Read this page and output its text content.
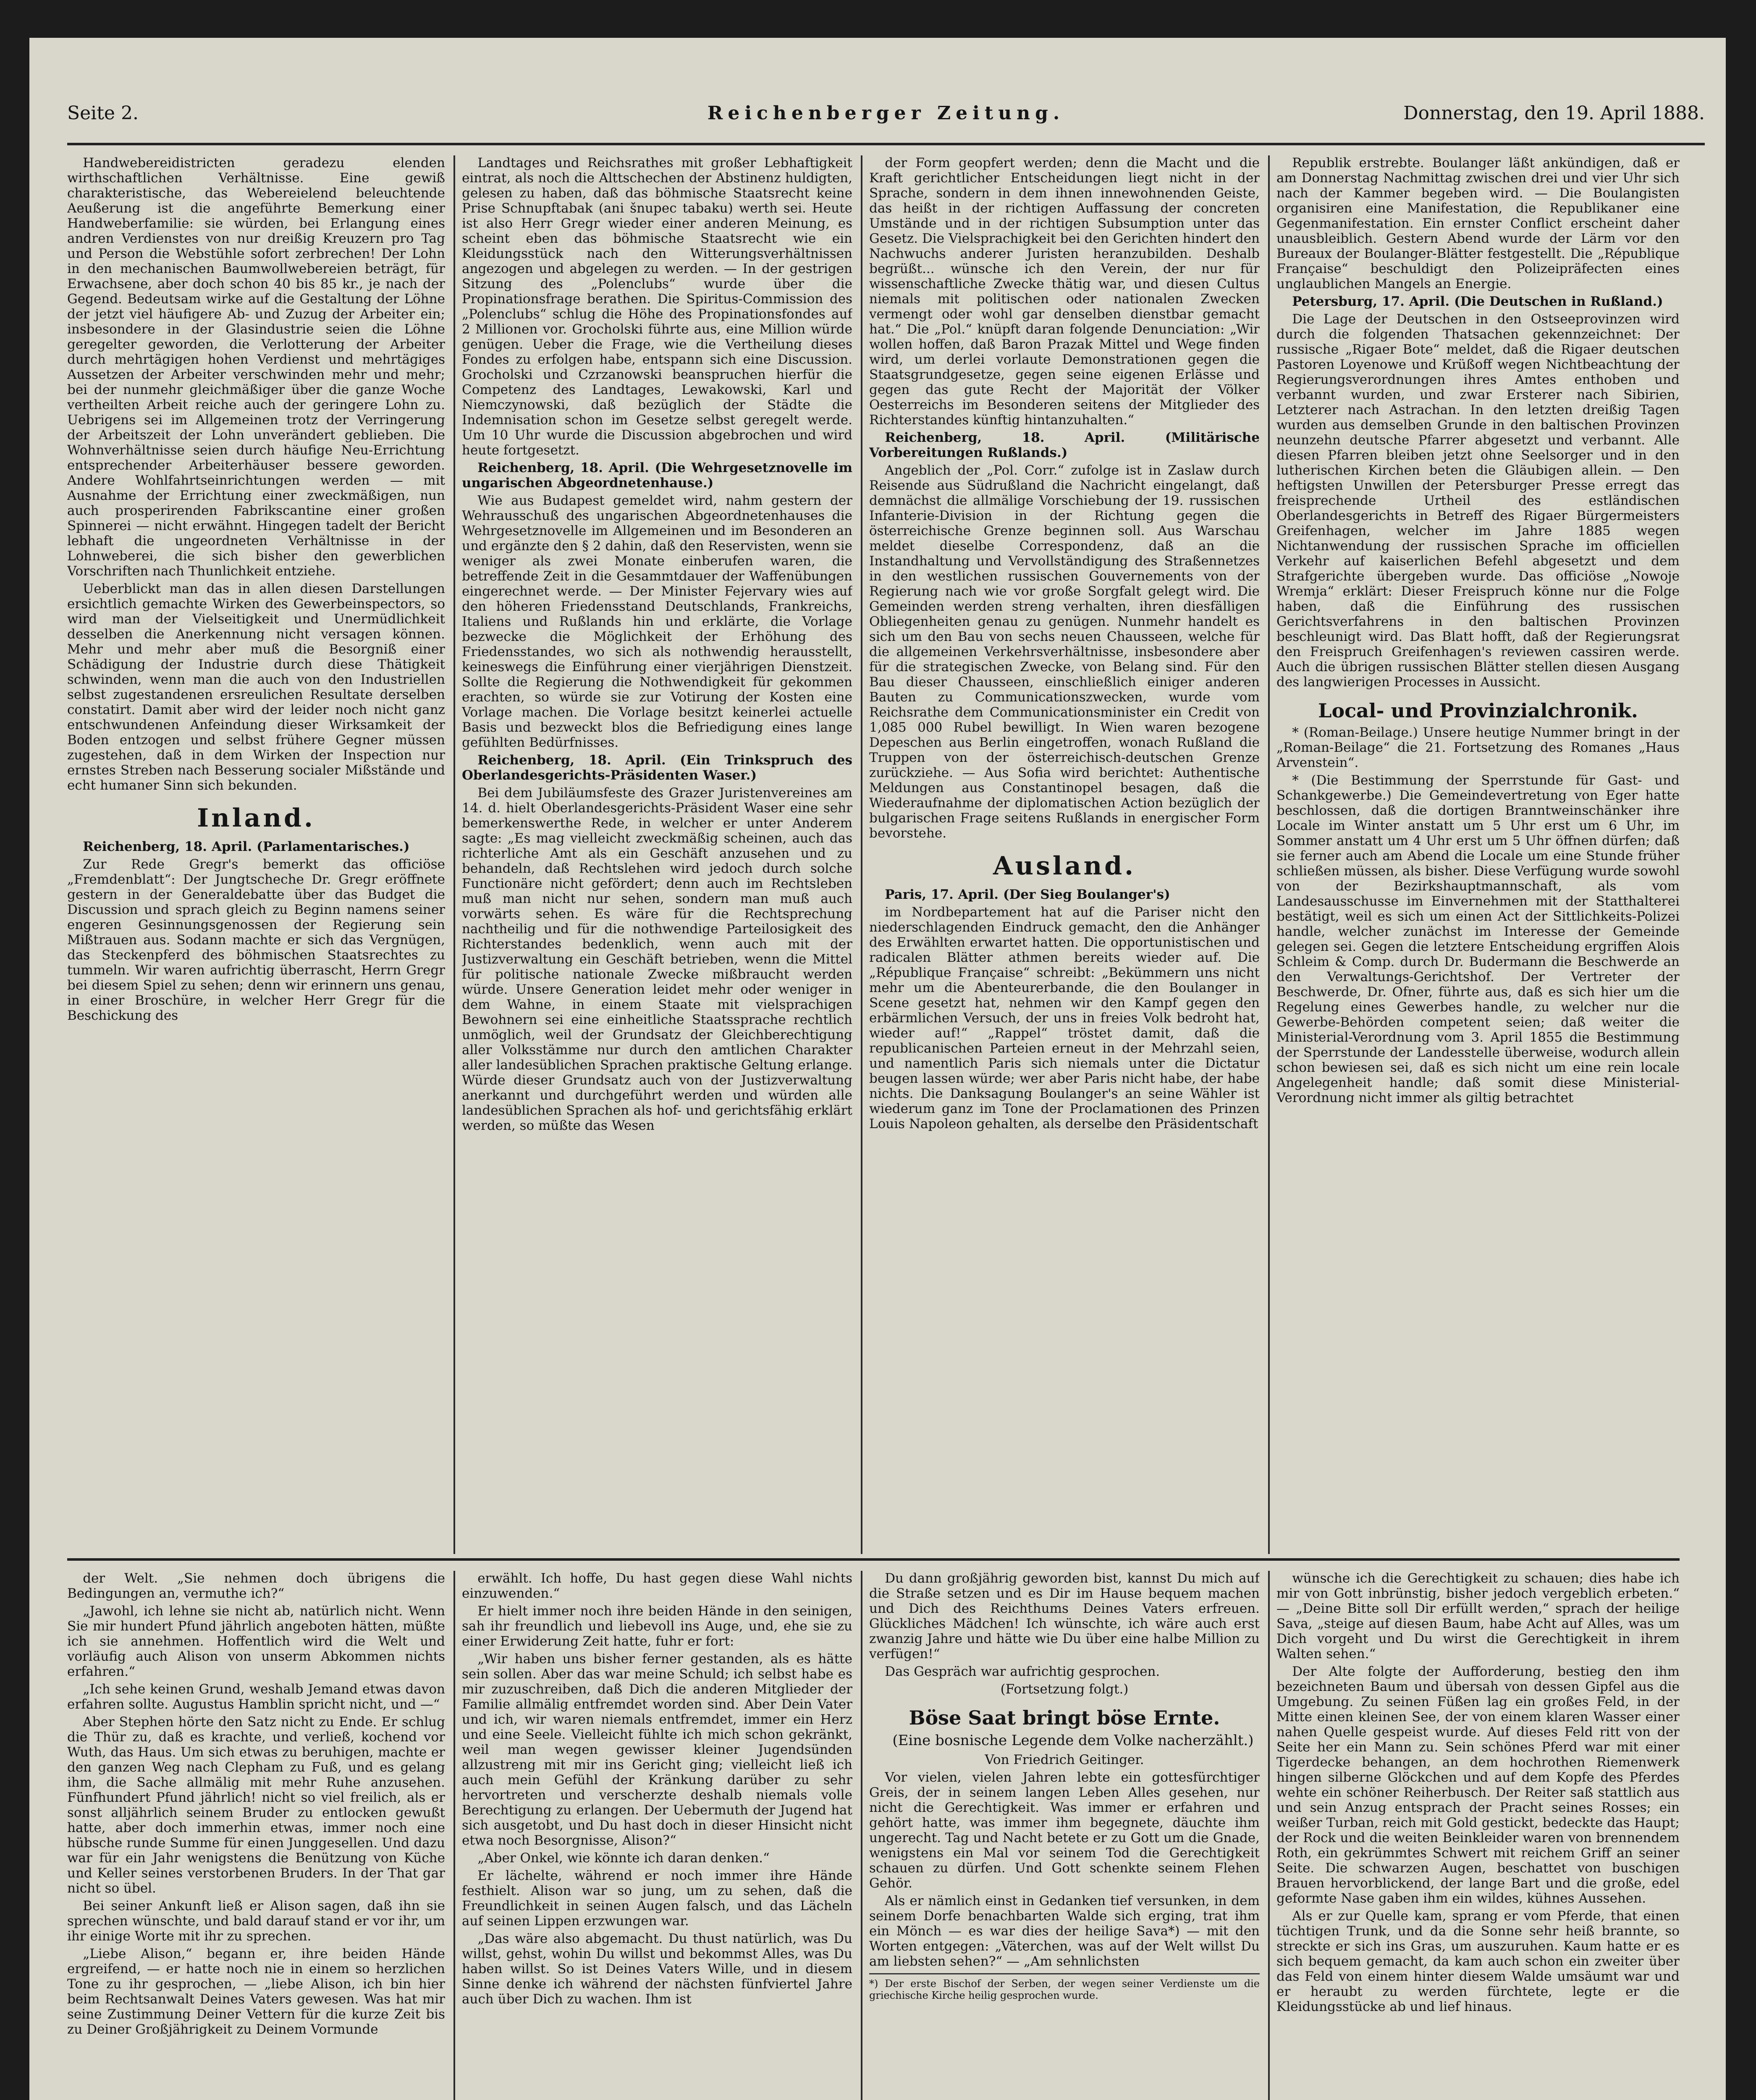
Seite 2.	Reichenberger Zeitung.	Donnerstag, den 19. April 1888.

Handwebereidistricten geradezu elenden wirthschaftlichen Verhältnisse. Eine gewiß charakteristische, das Webereielend beleuchtende Aeußerung ist die angeführte Bemerkung einer Handweberfamilie: sie würden, bei Erlangung eines andren Verdienstes von nur dreißig Kreuzern pro Tag und Person die Webstühle sofort zerbrechen! Der Lohn in den mechanischen Baumwollwebereien beträgt, für Erwachsene, aber doch schon 40 bis 85 kr., je nach der Gegend. Bedeutsam wirke auf die Gestaltung der Löhne der jetzt viel häufigere Ab- und Zuzug der Arbeiter ein; insbesondere in der Glasindustrie seien die Löhne geregelter geworden, die Verlotterung der Arbeiter durch mehrtägigen hohen Verdienst und mehrtägiges Aussetzen der Arbeiter verschwinden mehr und mehr; bei der nunmehr gleichmäßiger über die ganze Woche vertheilten Arbeit reiche auch der geringere Lohn zu. Uebrigens sei im Allgemeinen trotz der Verringerung der Arbeitszeit der Lohn unverändert geblieben. Die Wohnverhältnisse seien durch häufige Neu-Errichtung entsprechender Arbeiterhäuser bessere geworden. Andere Wohlfahrtseinrichtungen werden — mit Ausnahme der Errichtung einer zweckmäßigen, nun auch prosperirenden Fabrikscantine einer großen Spinnerei — nicht erwähnt. Hingegen tadelt der Bericht lebhaft die ungeordneten Verhältnisse in der Lohnweberei, die sich bisher den gewerblichen Vorschriften nach Thunlichkeit entziehe.

Ueberblickt man das in allen diesen Darstellungen ersichtlich gemachte Wirken des Gewerbeinspectors, so wird man der Vielseitigkeit und Unermüdlichkeit desselben die Anerkennung nicht versagen können. Mehr und mehr aber muß die Besorgniß einer Schädigung der Industrie durch diese Thätigkeit schwinden, wenn man die auch von den Industriellen selbst zugestandenen ersreulichen Resultate derselben constatirt. Damit aber wird der leider noch nicht ganz entschwundenen Anfeindung dieser Wirksamkeit der Boden entzogen und selbst frühere Gegner müssen zugestehen, daß in dem Wirken der Inspection nur ernstes Streben nach Besserung socialer Mißstände und echt humaner Sinn sich bekunden.

Inland.

Reichenberg, 18. April. (Parlamentarisches.)

Zur Rede Gregr's bemerkt das officiöse „Fremdenblatt“: Der Jungtscheche Dr. Gregr eröffnete gestern in der Generaldebatte über das Budget die Discussion und sprach gleich zu Beginn namens seiner engeren Gesinnungsgenossen der Regierung sein Mißtrauen aus. Sodann machte er sich das Vergnügen, das Steckenpferd des böhmischen Staatsrechtes zu tummeln. Wir waren aufrichtig überrascht, Herrn Gregr bei diesem Spiel zu sehen; denn wir erinnern uns genau, in einer Broschüre, in welcher Herr Gregr für die Beschickung des

Landtages und Reichsrathes mit großer Lebhaftigkeit eintrat, als noch die Alttschechen der Abstinenz huldigten, gelesen zu haben, daß das böhmische Staatsrecht keine Prise Schnupftabak (ani šnupec tabaku) werth sei. Heute ist also Herr Gregr wieder einer anderen Meinung, es scheint eben das böhmische Staatsrecht wie ein Kleidungsstück nach den Witterungsverhältnissen angezogen und abgelegen zu werden. — In der gestrigen Sitzung des „Polenclubs“ wurde über die Propinationsfrage berathen. Die Spiritus-Commission des „Polenclubs“ schlug die Höhe des Propinationsfondes auf 2 Millionen vor. Grocholski führte aus, eine Million würde genügen. Ueber die Frage, wie die Vertheilung dieses Fondes zu erfolgen habe, entspann sich eine Discussion. Grocholski und Czrzanowski beanspruchen hierfür die Competenz des Landtages, Lewakowski, Karl und Niemczynowski, daß bezüglich der Städte die Indemnisation schon im Gesetze selbst geregelt werde. Um 10 Uhr wurde die Discussion abgebrochen und wird heute fortgesetzt.

Reichenberg, 18. April. (Die Wehrgesetznovelle im ungarischen Abgeordnetenhause.)

Wie aus Budapest gemeldet wird, nahm gestern der Wehrausschuß des ungarischen Abgeordnetenhauses die Wehrgesetznovelle im Allgemeinen und im Besonderen an und ergänzte den § 2 dahin, daß den Reservisten, wenn sie weniger als zwei Monate einberufen waren, die betreffende Zeit in die Gesammtdauer der Waffenübungen eingerechnet werde. — Der Minister Fejervary wies auf den höheren Friedensstand Deutschlands, Frankreichs, Italiens und Rußlands hin und erklärte, die Vorlage bezwecke die Möglichkeit der Erhöhung des Friedensstandes, wo sich als nothwendig herausstellt, keineswegs die Einführung einer vierjährigen Dienstzeit. Sollte die Regierung die Nothwendigkeit für gekommen erachten, so würde sie zur Votirung der Kosten eine Vorlage machen. Die Vorlage besitzt keinerlei actuelle Basis und bezweckt blos die Befriedigung eines lange gefühlten Bedürfnisses.

Reichenberg, 18. April. (Ein Trinkspruch des Oberlandesgerichts-Präsidenten Waser.)

Bei dem Jubiläumsfeste des Grazer Juristenvereines am 14. d. hielt Oberlandesgerichts-Präsident Waser eine sehr bemerkenswerthe Rede, in welcher er unter Anderem sagte: „Es mag vielleicht zweckmäßig scheinen, auch das richterliche Amt als ein Geschäft anzusehen und zu behandeln, daß Rechtslehen wird jedoch durch solche Functionäre nicht gefördert; denn auch im Rechtsleben muß man nicht nur sehen, sondern man muß auch vorwärts sehen. Es wäre für die Rechtsprechung nachtheilig und für die nothwendige Parteilosigkeit des Richterstandes bedenklich, wenn auch mit der Justizverwaltung ein Geschäft betrieben, wenn die Mittel für politische nationale Zwecke mißbraucht werden würde. Unsere Generation leidet mehr oder weniger in dem Wahne, in einem Staate mit vielsprachigen Bewohnern sei eine einheitliche Staatssprache rechtlich unmöglich, weil der Grundsatz der Gleichberechtigung aller Volksstämme nur durch den amtlichen Charakter aller landesüblichen Sprachen praktische Geltung erlange. Würde dieser Grundsatz auch von der Justizverwaltung anerkannt und durchgeführt werden und würden alle landesüblichen Sprachen als hof- und gerichtsfähig erklärt werden, so müßte das Wesen

der Form geopfert werden; denn die Macht und die Kraft gerichtlicher Entscheidungen liegt nicht in der Sprache, sondern in dem ihnen innewohnenden Geiste, das heißt in der richtigen Auffassung der concreten Umstände und in der richtigen Subsumption unter das Gesetz. Die Vielsprachigkeit bei den Gerichten hindert den Nachwuchs anderer Juristen heranzubilden. Deshalb begrüßt... wünsche ich den Verein, der nur für wissenschaftliche Zwecke thätig war, und diesen Cultus niemals mit politischen oder nationalen Zwecken vermengt oder wohl gar denselben dienstbar gemacht hat.“ Die „Pol.“ knüpft daran folgende Denunciation: „Wir wollen hoffen, daß Baron Prazak Mittel und Wege finden wird, um derlei vorlaute Demonstrationen gegen die Staatsgrundgesetze, gegen seine eigenen Erlässe und gegen das gute Recht der Majorität der Völker Oesterreichs im Besonderen seitens der Mitglieder des Richterstandes künftig hintanzuhalten.“

Reichenberg, 18. April. (Militärische Vorbereitungen Rußlands.)

Angeblich der „Pol. Corr.“ zufolge ist in Zaslaw durch Reisende aus Südrußland die Nachricht eingelangt, daß demnächst die allmälige Vorschiebung der 19. russischen Infanterie-Division in der Richtung gegen die österreichische Grenze beginnen soll. Aus Warschau meldet dieselbe Correspondenz, daß an die Instandhaltung und Vervollständigung des Straßennetzes in den westlichen russischen Gouvernements von der Regierung nach wie vor große Sorgfalt gelegt wird. Die Gemeinden werden streng verhalten, ihren diesfälligen Obliegenheiten genau zu genügen. Nunmehr handelt es sich um den Bau von sechs neuen Chausseen, welche für die allgemeinen Verkehrsverhältnisse, insbesondere aber für die strategischen Zwecke, von Belang sind. Für den Bau dieser Chausseen, einschließlich einiger anderen Bauten zu Communicationszwecken, wurde vom Reichsrathe dem Communicationsminister ein Credit von 1,085 000 Rubel bewilligt. In Wien waren bezogene Depeschen aus Berlin eingetroffen, wonach Rußland die Truppen von der österreichisch-deutschen Grenze zurückziehe. — Aus Sofia wird berichtet: Authentische Meldungen aus Constantinopel besagen, daß die Wiederaufnahme der diplomatischen Action bezüglich der bulgarischen Frage seitens Rußlands in energischer Form bevorstehe.

Ausland.

Paris, 17. April. (Der Sieg Boulanger's)

im Nordbepartement hat auf die Pariser nicht den niederschlagenden Eindruck gemacht, den die Anhänger des Erwählten erwartet hatten. Die opportunistischen und radicalen Blätter athmen bereits wieder auf. Die „République Française“ schreibt: „Bekümmern uns nicht mehr um die Abenteurerbande, die den Boulanger in Scene gesetzt hat, nehmen wir den Kampf gegen den erbärmlichen Versuch, der uns in freies Volk bedroht hat, wieder auf!“ „Rappel“ tröstet damit, daß die republicanischen Parteien erneut in der Mehrzahl seien, und namentlich Paris sich niemals unter die Dictatur beugen lassen würde; wer aber Paris nicht habe, der habe nichts. Die Danksagung Boulanger's an seine Wähler ist wiederum ganz im Tone der Proclamationen des Prinzen Louis Napoleon gehalten, als derselbe den Präsidentschaft

Republik erstrebte. Boulanger läßt ankündigen, daß er am Donnerstag Nachmittag zwischen drei und vier Uhr sich nach der Kammer begeben wird. — Die Boulangisten organisiren eine Manifestation, die Republikaner eine Gegenmanifestation. Ein ernster Conflict erscheint daher unausbleiblich. Gestern Abend wurde der Lärm vor den Bureaux der Boulanger-Blätter festgestellt. Die „République Française“ beschuldigt den Polizeipräfecten eines unglaublichen Mangels an Energie.

Petersburg, 17. April. (Die Deutschen in Rußland.)

Die Lage der Deutschen in den Ostseeprovinzen wird durch die folgenden Thatsachen gekennzeichnet: Der russische „Rigaer Bote“ meldet, daß die Rigaer deutschen Pastoren Loyenowe und Krüßoff wegen Nichtbeachtung der Regierungsverordnungen ihres Amtes enthoben und verbannt wurden, und zwar Ersterer nach Sibirien, Letzterer nach Astrachan. In den letzten dreißig Tagen wurden aus demselben Grunde in den baltischen Provinzen neunzehn deutsche Pfarrer abgesetzt und verbannt. Alle diesen Pfarren bleiben jetzt ohne Seelsorger und in den lutherischen Kirchen beten die Gläubigen allein. — Den heftigsten Unwillen der Petersburger Presse erregt das freisprechende Urtheil des estländischen Oberlandesgerichts in Betreff des Rigaer Bürgermeisters Greifenhagen, welcher im Jahre 1885 wegen Nichtanwendung der russischen Sprache im officiellen Verkehr auf kaiserlichen Befehl abgesetzt und dem Strafgerichte übergeben wurde. Das officiöse „Nowoje Wremja“ erklärt: Dieser Freispruch könne nur die Folge haben, daß die Einführung des russischen Gerichtsverfahrens in den baltischen Provinzen beschleunigt wird. Das Blatt hofft, daß der Regierungsrat den Freispruch Greifenhagen's reviewen cassiren werde. Auch die übrigen russischen Blätter stellen diesen Ausgang des langwierigen Processes in Aussicht.

Local- und Provinzialchronik.

* (Roman-Beilage.) Unsere heutige Nummer bringt in der „Roman-Beilage“ die 21. Fortsetzung des Romanes „Haus Arvenstein“.

* (Die Bestimmung der Sperrstunde für Gast- und Schankgewerbe.) Die Gemeindevertretung von Eger hatte beschlossen, daß die dortigen Branntweinschänker ihre Locale im Winter anstatt um 5 Uhr erst um 6 Uhr, im Sommer anstatt um 4 Uhr erst um 5 Uhr öffnen dürfen; daß sie ferner auch am Abend die Locale um eine Stunde früher schließen müssen, als bisher. Diese Verfügung wurde sowohl von der Bezirkshauptmannschaft, als vom Landesausschusse im Einvernehmen mit der Statthalterei bestätigt, weil es sich um einen Act der Sittlichkeits-Polizei handle, welcher zunächst im Interesse der Gemeinde gelegen sei. Gegen die letztere Entscheidung ergriffen Alois Schleim & Comp. durch Dr. Budermann die Beschwerde an den Verwaltungs-Gerichtshof. Der Vertreter der Beschwerde, Dr. Ofner, führte aus, daß es sich hier um die Regelung eines Gewerbes handle, zu welcher nur die Gewerbe-Behörden competent seien; daß weiter die Ministerial-Verordnung vom 3. April 1855 die Bestimmung der Sperrstunde der Landesstelle überweise, wodurch allein schon bewiesen sei, daß es sich nicht um eine rein locale Angelegenheit handle; daß somit diese Ministerial-Verordnung nicht immer als giltig betrachtet

der Welt. „Sie nehmen doch übrigens die Bedingungen an, vermuthe ich?“

„Jawohl, ich lehne sie nicht ab, natürlich nicht. Wenn Sie mir hundert Pfund jährlich angeboten hätten, müßte ich sie annehmen. Hoffentlich wird die Welt und vorläufig auch Alison von unserm Abkommen nichts erfahren.“

„Ich sehe keinen Grund, weshalb Jemand etwas davon erfahren sollte. Augustus Hamblin spricht nicht, und —“

Aber Stephen hörte den Satz nicht zu Ende. Er schlug die Thür zu, daß es krachte, und verließ, kochend vor Wuth, das Haus. Um sich etwas zu beruhigen, machte er den ganzen Weg nach Clepham zu Fuß, und es gelang ihm, die Sache allmälig mit mehr Ruhe anzusehen. Fünfhundert Pfund jährlich! nicht so viel freilich, als er sonst alljährlich seinem Bruder zu entlocken gewußt hatte, aber doch immerhin etwas, immer noch eine hübsche runde Summe für einen Junggesellen. Und dazu war für ein Jahr wenigstens die Benützung von Küche und Keller seines verstorbenen Bruders. In der That gar nicht so übel.

Bei seiner Ankunft ließ er Alison sagen, daß ihn sie sprechen wünschte, und bald darauf stand er vor ihr, um ihr einige Worte mit ihr zu sprechen.

„Liebe Alison,“ begann er, ihre beiden Hände ergreifend, — er hatte noch nie in einem so herzlichen Tone zu ihr gesprochen, — „liebe Alison, ich bin hier beim Rechtsanwalt Deines Vaters gewesen. Was hat mir seine Zustimmung Deiner Vettern für die kurze Zeit bis zu Deiner Großjährigkeit zu Deinem Vormunde

erwählt. Ich hoffe, Du hast gegen diese Wahl nichts einzuwenden.“

Er hielt immer noch ihre beiden Hände in den seinigen, sah ihr freundlich und liebevoll ins Auge, und, ehe sie zu einer Erwiderung Zeit hatte, fuhr er fort:

„Wir haben uns bisher ferner gestanden, als es hätte sein sollen. Aber das war meine Schuld; ich selbst habe es mir zuzuschreiben, daß Dich die anderen Mitglieder der Familie allmälig entfremdet worden sind. Aber Dein Vater und ich, wir waren niemals entfremdet, immer ein Herz und eine Seele. Vielleicht fühlte ich mich schon gekränkt, weil man wegen gewisser kleiner Jugendsünden allzustreng mit mir ins Gericht ging; vielleicht ließ ich auch mein Gefühl der Kränkung darüber zu sehr hervortreten und verscherzte deshalb niemals volle Berechtigung zu erlangen. Der Uebermuth der Jugend hat sich ausgetobt, und Du hast doch in dieser Hinsicht nicht etwa noch Besorgnisse, Alison?“

„Aber Onkel, wie könnte ich daran denken.“

Er lächelte, während er noch immer ihre Hände festhielt. Alison war so jung, um zu sehen, daß die Freundlichkeit in seinen Augen falsch, und das Lächeln auf seinen Lippen erzwungen war.

„Das wäre also abgemacht. Du thust natürlich, was Du willst, gehst, wohin Du willst und bekommst Alles, was Du haben willst. So ist Deines Vaters Wille, und in diesem Sinne denke ich während der nächsten fünfviertel Jahre auch über Dich zu wachen. Ihm ist

Du dann großjährig geworden bist, kannst Du mich auf die Straße setzen und es Dir im Hause bequem machen und Dich des Reichthums Deines Vaters erfreuen. Glückliches Mädchen! Ich wünschte, ich wäre auch erst zwanzig Jahre und hätte wie Du über eine halbe Million zu verfügen!“

Das Gespräch war aufrichtig gesprochen.

(Fortsetzung folgt.)

Böse Saat bringt böse Ernte.

(Eine bosnische Legende dem Volke nacherzählt.)

Von Friedrich Geitinger.

Vor vielen, vielen Jahren lebte ein gottesfürchtiger Greis, der in seinem langen Leben Alles gesehen, nur nicht die Gerechtigkeit. Was immer er erfahren und gehört hatte, was immer ihm begegnete, däuchte ihm ungerecht. Tag und Nacht betete er zu Gott um die Gnade, wenigstens ein Mal vor seinem Tod die Gerechtigkeit schauen zu dürfen. Und Gott schenkte seinem Flehen Gehör.

Als er nämlich einst in Gedanken tief versunken, in dem seinem Dorfe benachbarten Walde sich erging, trat ihm ein Mönch — es war dies der heilige Sava*) — mit den Worten entgegen: „Väterchen, was auf der Welt willst Du am liebsten sehen?“ — „Am sehnlichsten

*) Der erste Bischof der Serben, der wegen seiner Verdienste um die griechische Kirche heilig gesprochen wurde.

wünsche ich die Gerechtigkeit zu schauen; dies habe ich mir von Gott inbrünstig, bisher jedoch vergeblich erbeten.“ — „Deine Bitte soll Dir erfüllt werden,“ sprach der heilige Sava, „steige auf diesen Baum, habe Acht auf Alles, was um Dich vorgeht und Du wirst die Gerechtigkeit in ihrem Walten sehen.“

Der Alte folgte der Aufforderung, bestieg den ihm bezeichneten Baum und übersah von dessen Gipfel aus die Umgebung. Zu seinen Füßen lag ein großes Feld, in der Mitte einen kleinen See, der von einem klaren Wasser einer nahen Quelle gespeist wurde. Auf dieses Feld ritt von der Seite her ein Mann zu. Sein schönes Pferd war mit einer Tigerdecke behangen, an dem hochrothen Riemenwerk hingen silberne Glöckchen und auf dem Kopfe des Pferdes wehte ein schöner Reiherbusch. Der Reiter saß stattlich aus und sein Anzug entsprach der Pracht seines Rosses; ein weißer Turban, reich mit Gold gestickt, bedeckte das Haupt; der Rock und die weiten Beinkleider waren von brennendem Roth, ein gekrümmtes Schwert mit reichem Griff an seiner Seite. Die schwarzen Augen, beschattet von buschigen Brauen hervorblickend, der lange Bart und die große, edel geformte Nase gaben ihm ein wildes, kühnes Aussehen.

Als er zur Quelle kam, sprang er vom Pferde, that einen tüchtigen Trunk, und da die Sonne sehr heiß brannte, so streckte er sich ins Gras, um auszuruhen. Kaum hatte er es sich bequem gemacht, da kam auch schon ein zweiter über das Feld von einem hinter diesem Walde umsäumt war und er heraubt zu werden fürchtete, legte er die Kleidungsstücke ab und lief hinaus.
